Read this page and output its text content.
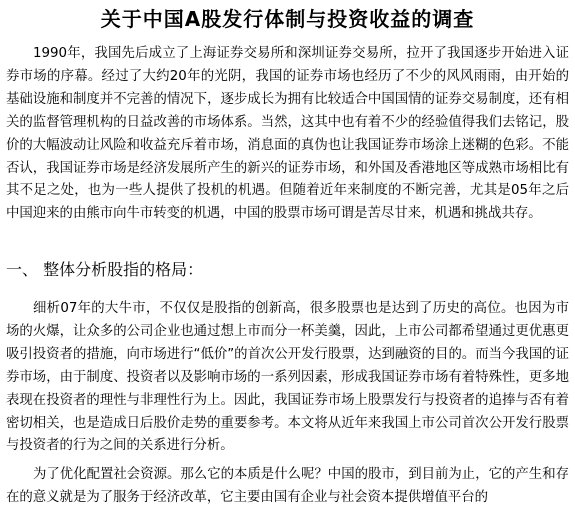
关于中国A股发行体制与投资收益的调查

1990年，我国先后成立了上海证券交易所和深圳证券交易所，拉开了我国逐步开始进入证券市场的序幕。经过了大约20年的光阴，我国的证券市场也经历了不少的风风雨雨，由开始的基础设施和制度并不完善的情况下，逐步成长为拥有比较适合中国国情的证券交易制度，还有相关的监督管理机构的日益改善的市场体系。当然，这其中也有着不少的经验值得我们去铭记，股价的大幅波动让风险和收益充斥着市场，消息面的真伪也让我国证券市场涂上迷糊的色彩。不能否认，我国证券市场是经济发展所产生的新兴的证券市场，和外国及香港地区等成熟市场相比有其不足之处，也为一些人提供了投机的机遇。但随着近年来制度的不断完善，尤其是05年之后中国迎来的由熊市向牛市转变的机遇，中国的股票市场可谓是苦尽甘来，机遇和挑战共存。

一、 整体分析股指的格局：

细析07年的大牛市，不仅仅是股指的创新高，很多股票也是达到了历史的高位。也因为市场的火爆，让众多的公司企业也通过想上市而分一杯美羹，因此，上市公司都希望通过更优惠更吸引投资者的措施，向市场进行“低价”的首次公开发行股票，达到融资的目的。而当今我国的证券市场，由于制度、投资者以及影响市场的一系列因素，形成我国证券市场有着特殊性，更多地表现在投资者的理性与非理性行为上。因此，我国证券市场上股票发行与投资者的追捧与否有着密切相关，也是造成日后股价走势的重要参考。本文将从近年来我国上市公司首次公开发行股票与投资者的行为之间的关系进行分析。

为了优化配置社会资源。那么它的本质是什么呢？中国的股市，到目前为止，它的产生和存在的意义就是为了服务于经济改革，它主要由国有企业与社会资本提供增值平台的
